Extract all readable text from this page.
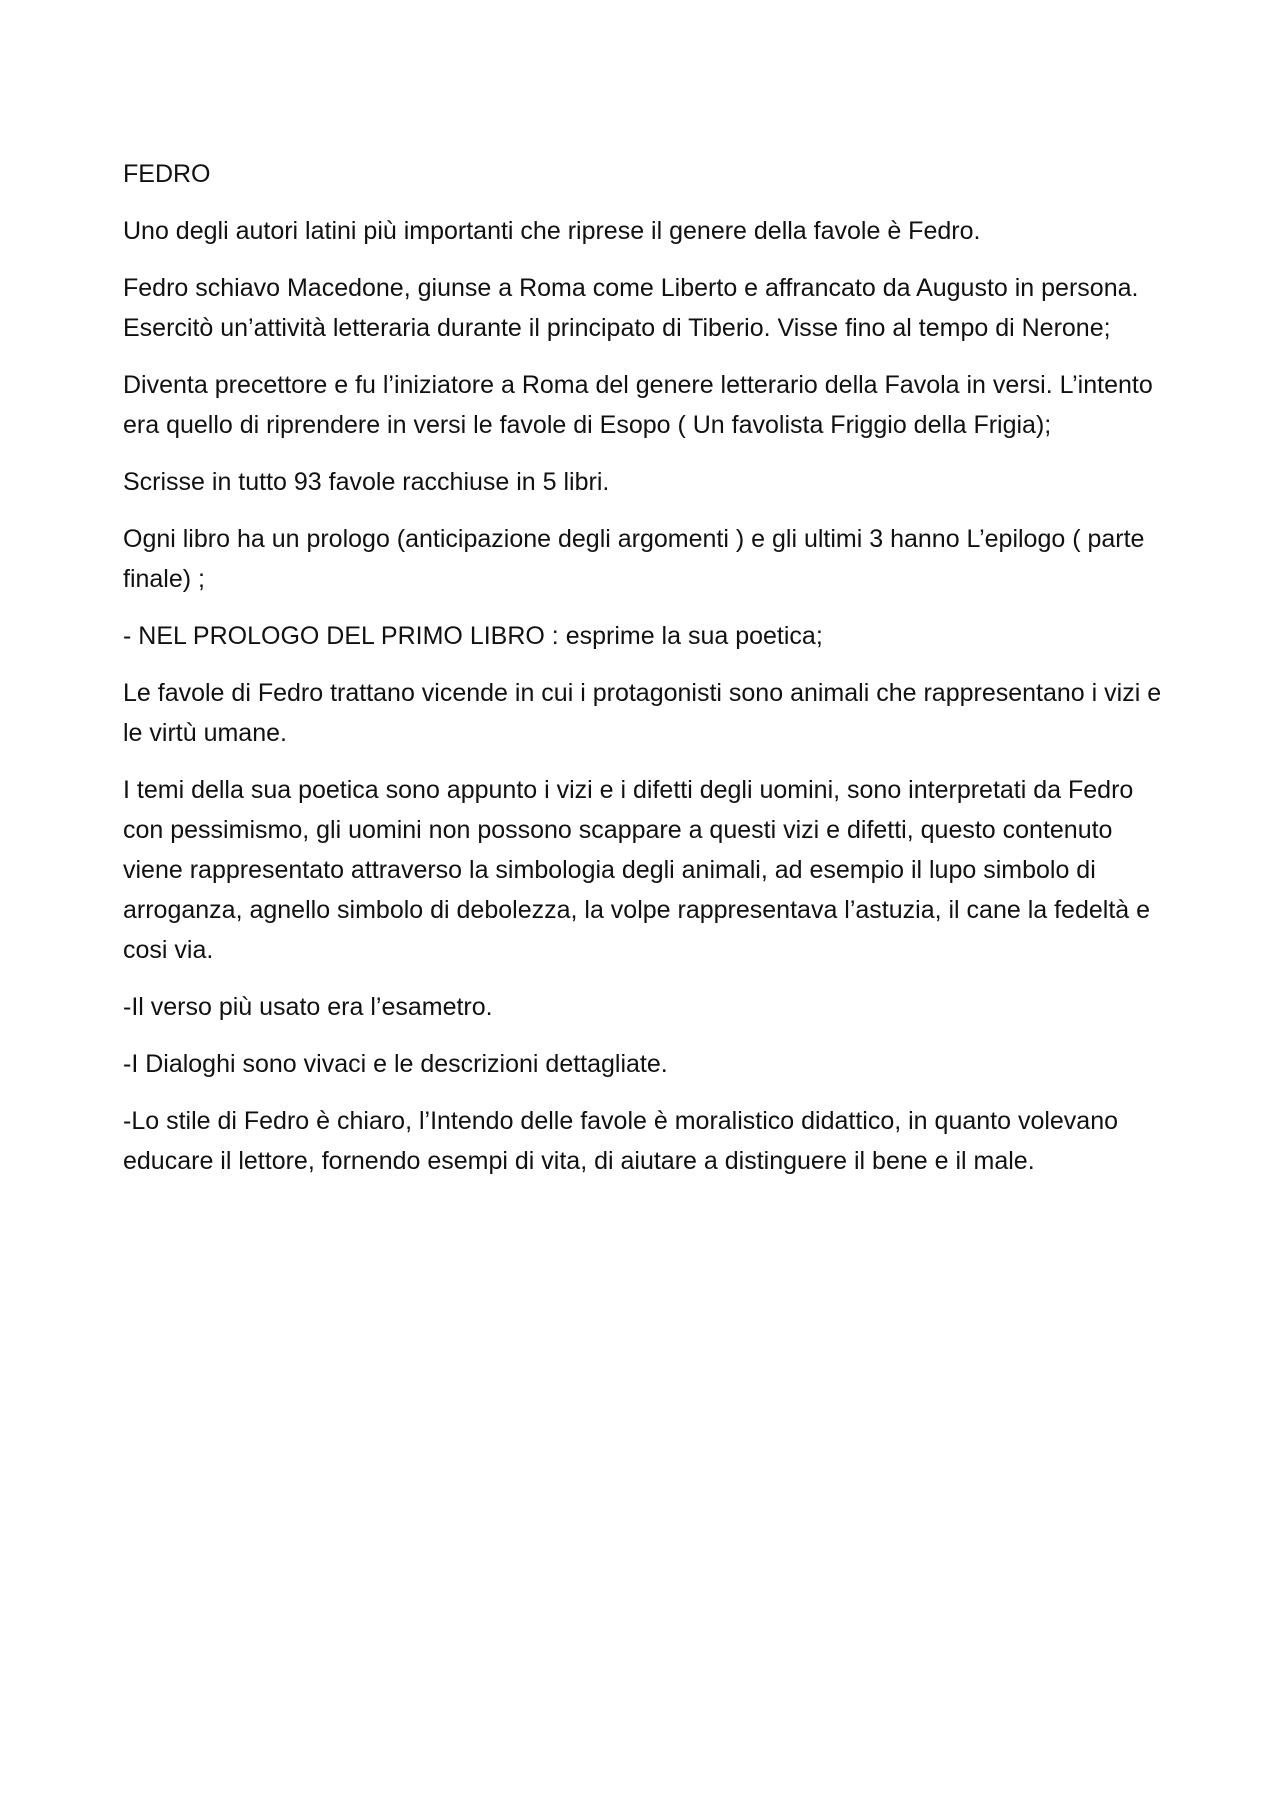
FEDRO

Uno degli autori latini più importanti che riprese il genere della favole è Fedro.

Fedro schiavo Macedone, giunse a Roma come Liberto e affrancato da Augusto in persona. Esercitò un’attività letteraria durante il principato di Tiberio. Visse fino al tempo di Nerone;

Diventa precettore e fu l’iniziatore a Roma del genere letterario della Favola in versi. L’intento era quello di riprendere in versi le favole di Esopo ( Un favolista Friggio della Frigia);

Scrisse in tutto 93 favole racchiuse in 5 libri.

Ogni libro ha un prologo (anticipazione degli argomenti ) e gli ultimi 3 hanno L’epilogo ( parte finale) ;

- NEL PROLOGO DEL PRIMO LIBRO : esprime la sua poetica;

Le favole di Fedro trattano vicende in cui i protagonisti sono animali che rappresentano i vizi e le virtù umane.

I temi della sua poetica sono appunto i vizi e i difetti degli uomini, sono interpretati da Fedro con pessimismo, gli uomini non possono scappare a questi vizi e difetti, questo contenuto viene rappresentato attraverso la simbologia degli animali, ad esempio il lupo simbolo di arroganza, agnello simbolo di debolezza, la volpe rappresentava l’astuzia, il cane la fedeltà e cosi via.

-Il verso più usato era l’esametro.

-I Dialoghi sono vivaci e le descrizioni dettagliate.

-Lo stile di Fedro è chiaro, l’Intendo delle favole è moralistico didattico, in quanto volevano educare il lettore, fornendo esempi di vita, di aiutare a distinguere il bene e il male.
